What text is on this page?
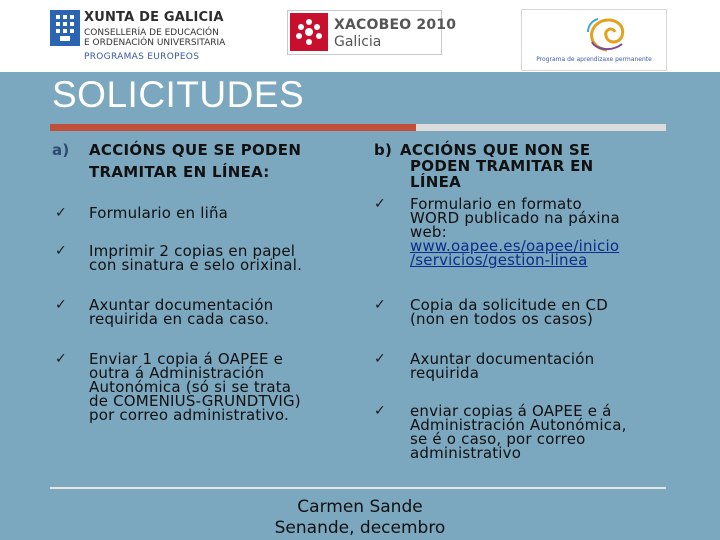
XUNTA DE GALICIA
CONSELLERÍA DE EDUCACIÓN
E ORDENACIÓN UNIVERSITARIA
PROGRAMAS EUROPEOS
XACOBEO 2010
Galicia
Programa de aprendizaxe permanente
SOLICITUDES
a) ACCIÓNS QUE SE PODEN
TRAMITAR EN LÍNEA:
✓ Formulario en liña
✓ Imprimir 2 copias en papel
con sinatura e selo orixinal.
✓ Axuntar documentación
requirida en cada caso.
✓ Enviar 1 copia á OAPEE e
outra á Administración
Autonómica (só si se trata
de COMENIUS-GRUNDTVIG)
por correo administrativo.
b) ACCIÓNS QUE NON SE
PODEN TRAMITAR EN
LÍNEA
✓ Formulario en formato
WORD publicado na páxina
web:
www.oapee.es/oapee/inicio
/servicios/gestion-linea
✓ Copia da solicitude en CD
(non en todos os casos)
✓ Axuntar documentación
requirida
✓ enviar copias á OAPEE e á
Administración Autonómica,
se é o caso, por correo
administrativo
Carmen Sande
Senande, decembro
